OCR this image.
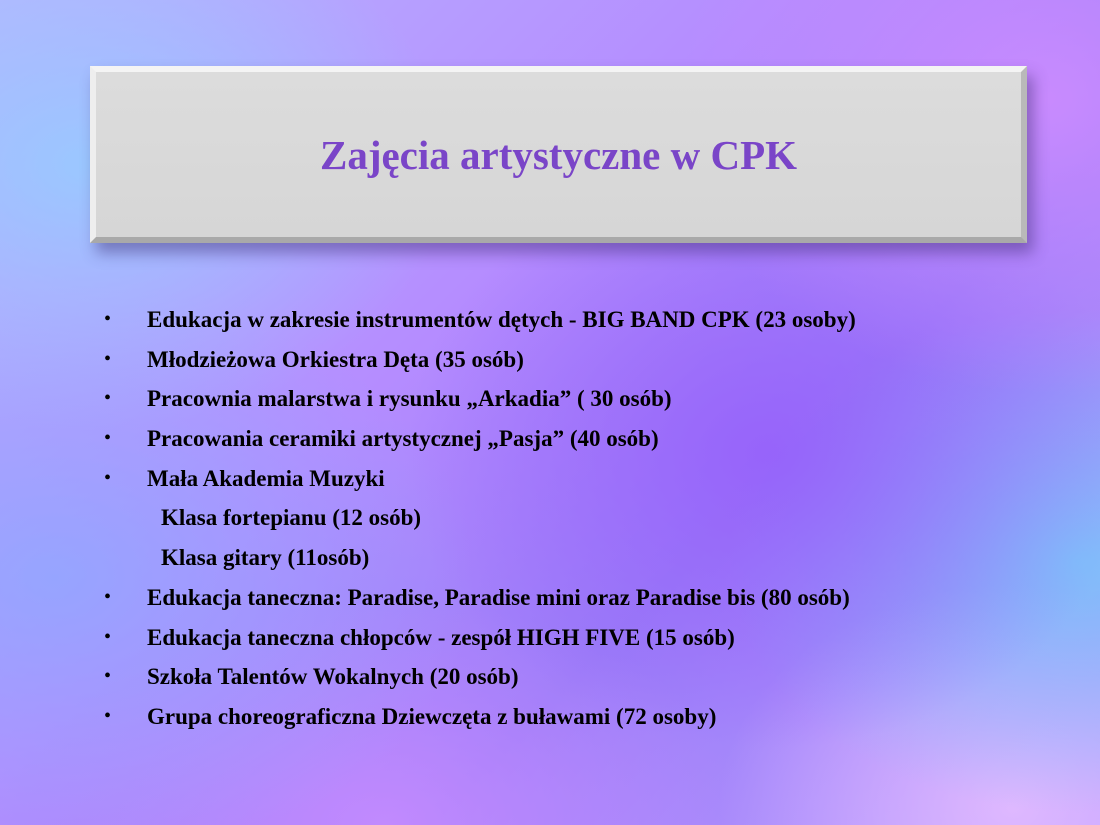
Zajęcia artystyczne w CPK
• Edukacja w zakresie instrumentów dętych - BIG BAND CPK (23 osoby)
• Młodzieżowa Orkiestra Dęta (35 osób)
• Pracownia malarstwa i rysunku „Arkadia” ( 30 osób)
• Pracowania ceramiki artystycznej „Pasja” (40 osób)
• Mała Akademia Muzyki
Klasa fortepianu (12 osób)
Klasa gitary (11osób)
• Edukacja taneczna: Paradise, Paradise mini oraz Paradise bis (80 osób)
• Edukacja taneczna chłopców - zespół HIGH FIVE (15 osób)
• Szkoła Talentów Wokalnych (20 osób)
• Grupa choreograficzna Dziewczęta z buławami (72 osoby)
